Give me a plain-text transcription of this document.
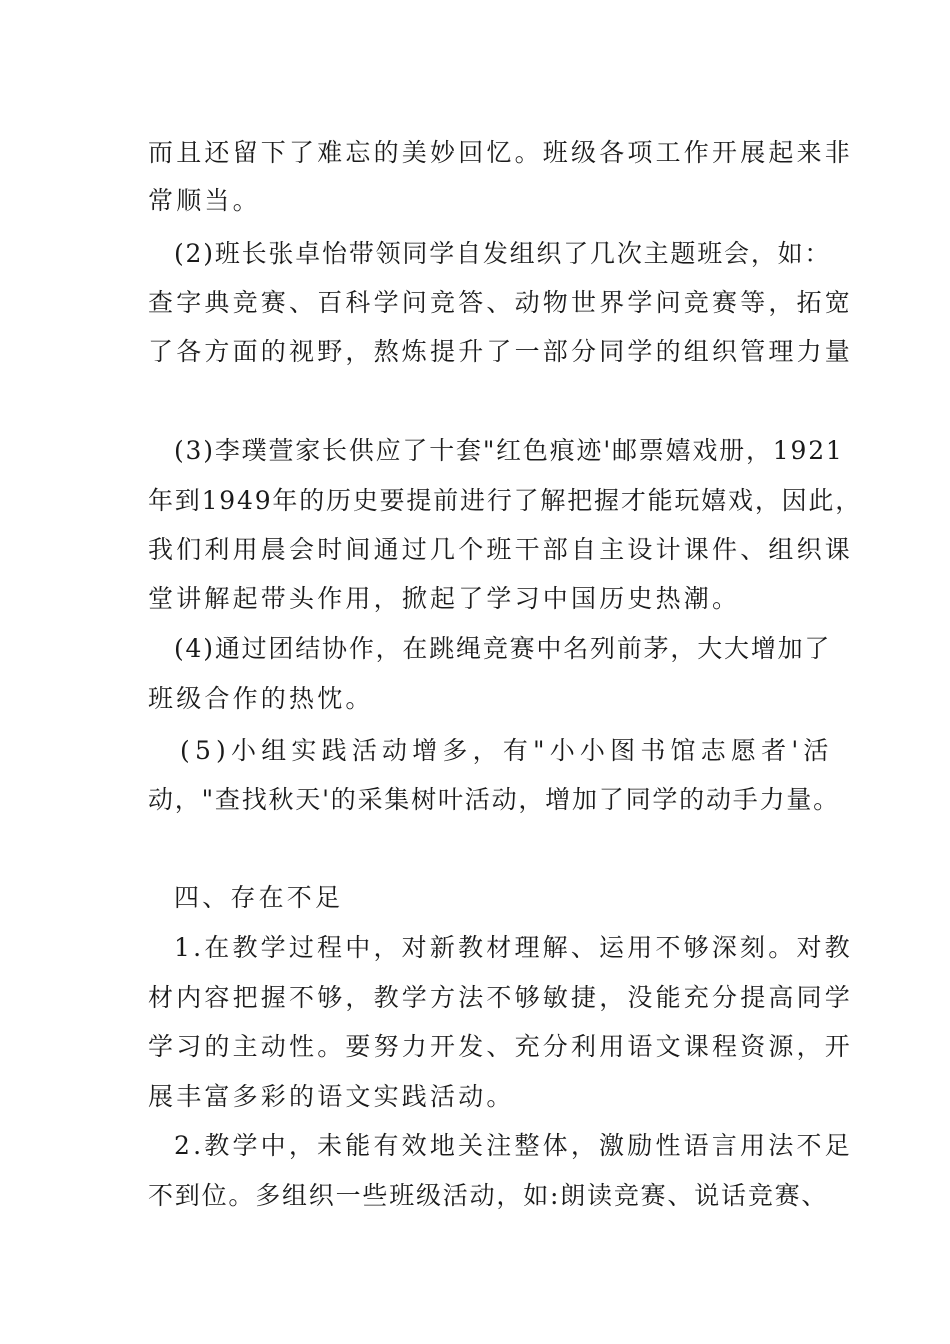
而且还留下了难忘的美妙回忆。班级各项工作开展起来非
常顺当。
(2)班长张卓怡带领同学自发组织了几次主题班会，如：
查字典竞赛、百科学问竞答、动物世界学问竞赛等，拓宽
了各方面的视野，熬炼提升了一部分同学的组织管理力量
(3)李璞萱家长供应了十套"红色痕迹'邮票嬉戏册，1921
年到1949年的历史要提前进行了解把握才能玩嬉戏，因此，
我们利用晨会时间通过几个班干部自主设计课件、组织课
堂讲解起带头作用，掀起了学习中国历史热潮。
(4)通过团结协作，在跳绳竞赛中名列前茅，大大增加了
班级合作的热忱。
(5)小组实践活动增多，有"小小图书馆志愿者'活
动，"查找秋天'的采集树叶活动，增加了同学的动手力量。
四、存在不足
1.在教学过程中，对新教材理解、运用不够深刻。对教
材内容把握不够，教学方法不够敏捷，没能充分提高同学
学习的主动性。要努力开发、充分利用语文课程资源，开
展丰富多彩的语文实践活动。
2.教学中，未能有效地关注整体，激励性语言用法不足
不到位。多组织一些班级活动，如:朗读竞赛、说话竞赛、
